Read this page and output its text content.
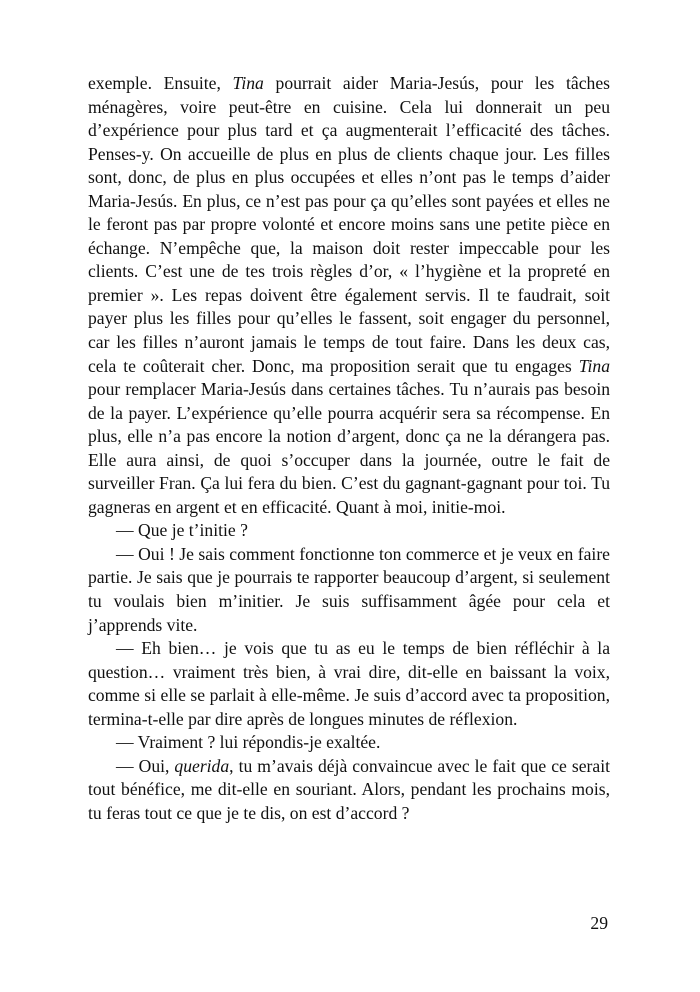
exemple. Ensuite, Tina pourrait aider Maria-Jesús, pour les tâches ménagères, voire peut-être en cuisine. Cela lui donnerait un peu d’expérience pour plus tard et ça augmenterait l’efficacité des tâches. Penses-y. On accueille de plus en plus de clients chaque jour. Les filles sont, donc, de plus en plus occupées et elles n’ont pas le temps d’aider Maria-Jesús. En plus, ce n’est pas pour ça qu’elles sont payées et elles ne le feront pas par propre volonté et encore moins sans une petite pièce en échange. N’empêche que, la maison doit rester impeccable pour les clients. C’est une de tes trois règles d’or, « l’hygiène et la propreté en premier ». Les repas doivent être également servis. Il te faudrait, soit payer plus les filles pour qu’elles le fassent, soit engager du personnel, car les filles n’auront jamais le temps de tout faire. Dans les deux cas, cela te coûterait cher. Donc, ma proposition serait que tu engages Tina pour remplacer Maria-Jesús dans certaines tâches. Tu n’aurais pas besoin de la payer. L’expérience qu’elle pourra acquérir sera sa récompense. En plus, elle n’a pas encore la notion d’argent, donc ça ne la dérangera pas. Elle aura ainsi, de quoi s’occuper dans la journée, outre le fait de surveiller Fran. Ça lui fera du bien. C’est du gagnant-gagnant pour toi. Tu gagneras en argent et en efficacité. Quant à moi, initie-moi.

— Que je t’initie ?

— Oui ! Je sais comment fonctionne ton commerce et je veux en faire partie. Je sais que je pourrais te rapporter beaucoup d’argent, si seulement tu voulais bien m’initier. Je suis suffisamment âgée pour cela et j’apprends vite.

— Eh bien… je vois que tu as eu le temps de bien réfléchir à la question… vraiment très bien, à vrai dire, dit-elle en baissant la voix, comme si elle se parlait à elle-même. Je suis d’accord avec ta proposition, termina-t-elle par dire après de longues minutes de réflexion.

— Vraiment ? lui répondis-je exaltée.

— Oui, querida, tu m’avais déjà convaincue avec le fait que ce serait tout bénéfice, me dit-elle en souriant. Alors, pendant les prochains mois, tu feras tout ce que je te dis, on est d’accord ?

29
